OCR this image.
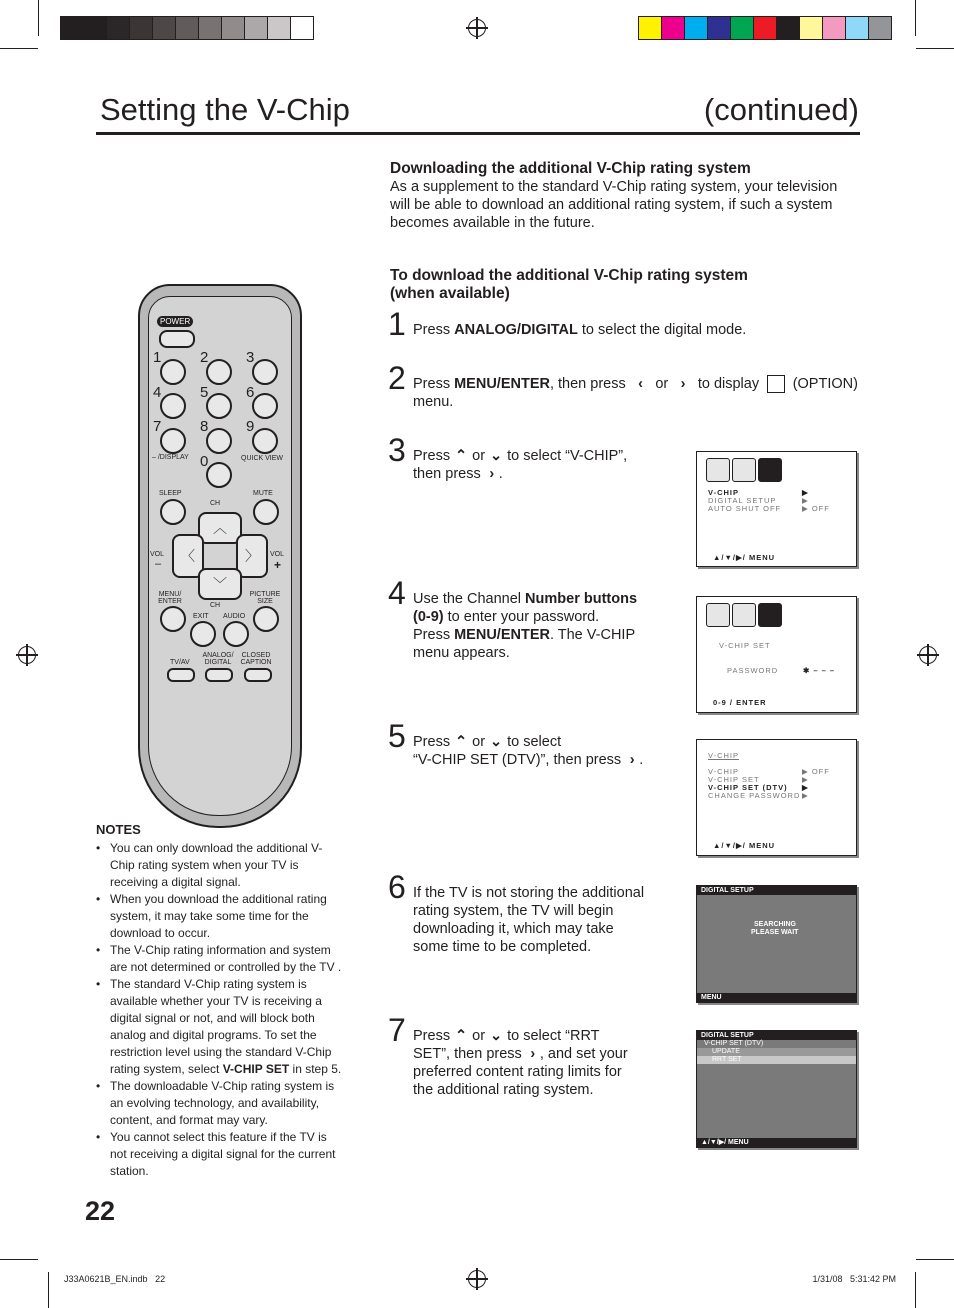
Setting the V-Chip	(continued)
Downloading the additional V-Chip rating system
As a supplement to the standard V-Chip rating system, your television will be able to download an additional rating system, if such a system becomes available in the future.
To download the additional V-Chip rating system
(when available)
1 Press ANALOG/DIGITAL to select the digital mode.
2 Press MENU/ENTER, then press ‹ or › to display (OPTION)
menu.
3 Press ⌃ or ⌄ to select “V-CHIP”,
then press › .
4 Use the Channel Number buttons
(0-9) to enter your password.
Press MENU/ENTER. The V-CHIP
menu appears.
5 Press ⌃ or ⌄ to select
“V-CHIP SET (DTV)”, then press › .
6 If the TV is not storing the additional
rating system, the TV will begin
downloading it, which may take
some time to be completed.
7 Press ⌃ or ⌄ to select “RRT
SET”, then press › , and set your
preferred content rating limits for
the additional rating system.
V-CHIP	▶
DIGITAL SETUP	▶
AUTO SHUT OFF	▶ OFF
▲/▼/▶/ MENU
V-CHIP SET
PASSWORD	✱ – – –
0-9 / ENTER
V-CHIP
V-CHIP	▶ OFF
V-CHIP SET	▶
V-CHIP SET (DTV) ▶
CHANGE PASSWORD ▶
▲/▼/▶/ MENU
DIGITAL SETUP
SEARCHING
PLEASE WAIT
MENU
DIGITAL SETUP
V-CHIP SET (DTV)
UPDATE
RRT SET
▲/▼/▶/ MENU
POWER
1	2	3
4	5	6
7	8	9
– /DISPLAY 0	QUICK VIEW
SLEEP	MUTE
CH
︿
〈	〉
﹀
CH
VOL
–
VOL
+
MENU/ ENTER
PICTURE SIZE
EXIT AUDIO
TV/AV
ANALOG/ DIGITAL
CLOSED CAPTION
NOTES
• You can only download the additional V-Chip rating system when your TV is receiving a digital signal.
• When you download the additional rating system, it may take some time for the download to occur.
• The V-Chip rating information and system are not determined or controlled by the TV .
• The standard V-Chip rating system is available whether your TV is receiving a digital signal or not, and will block both analog and digital programs. To set the restriction level using the standard V-Chip rating system, select V-CHIP SET in step 5.
• The downloadable V-Chip rating system is an evolving technology, and availability, content, and format may vary.
• You cannot select this feature if the TV is not receiving a digital signal for the current station.
22
J33A0621B_EN.indb   22	1/31/08   5:31:42 PM
